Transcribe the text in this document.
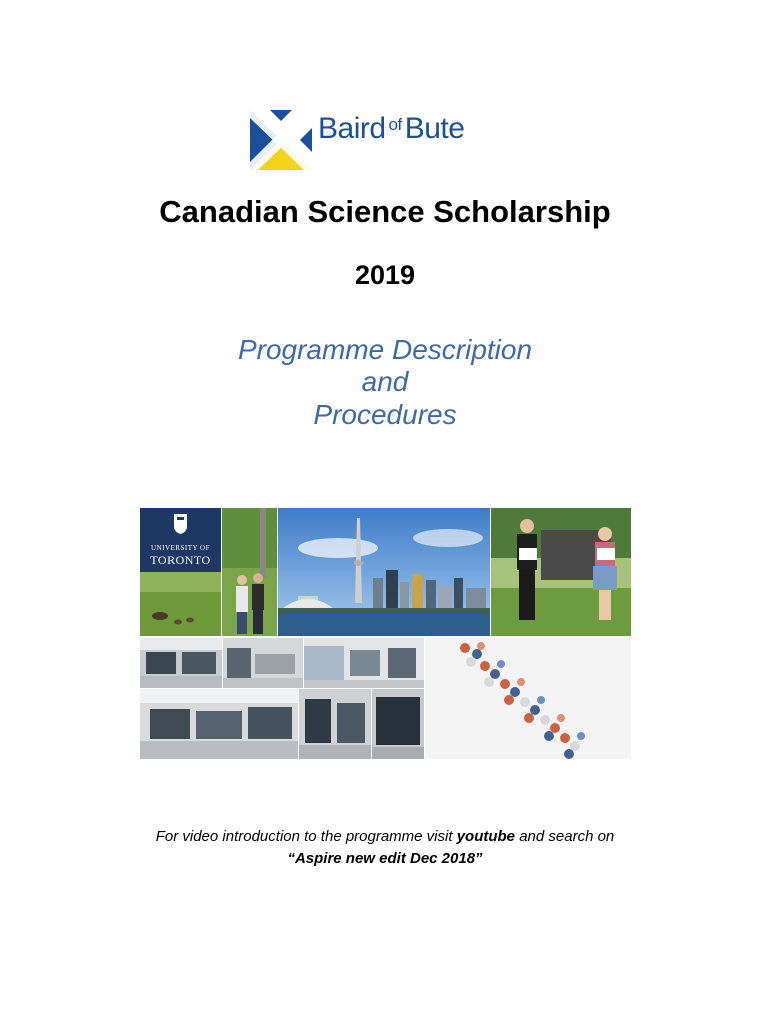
Baird $^{of}$ Bute
Canadian Science Scholarship
2019
Programme Description
and
Procedures
UNIVERSITY OF
TORONTO
For video introduction to the programme visit youtube and search on
“Aspire new edit Dec 2018”
